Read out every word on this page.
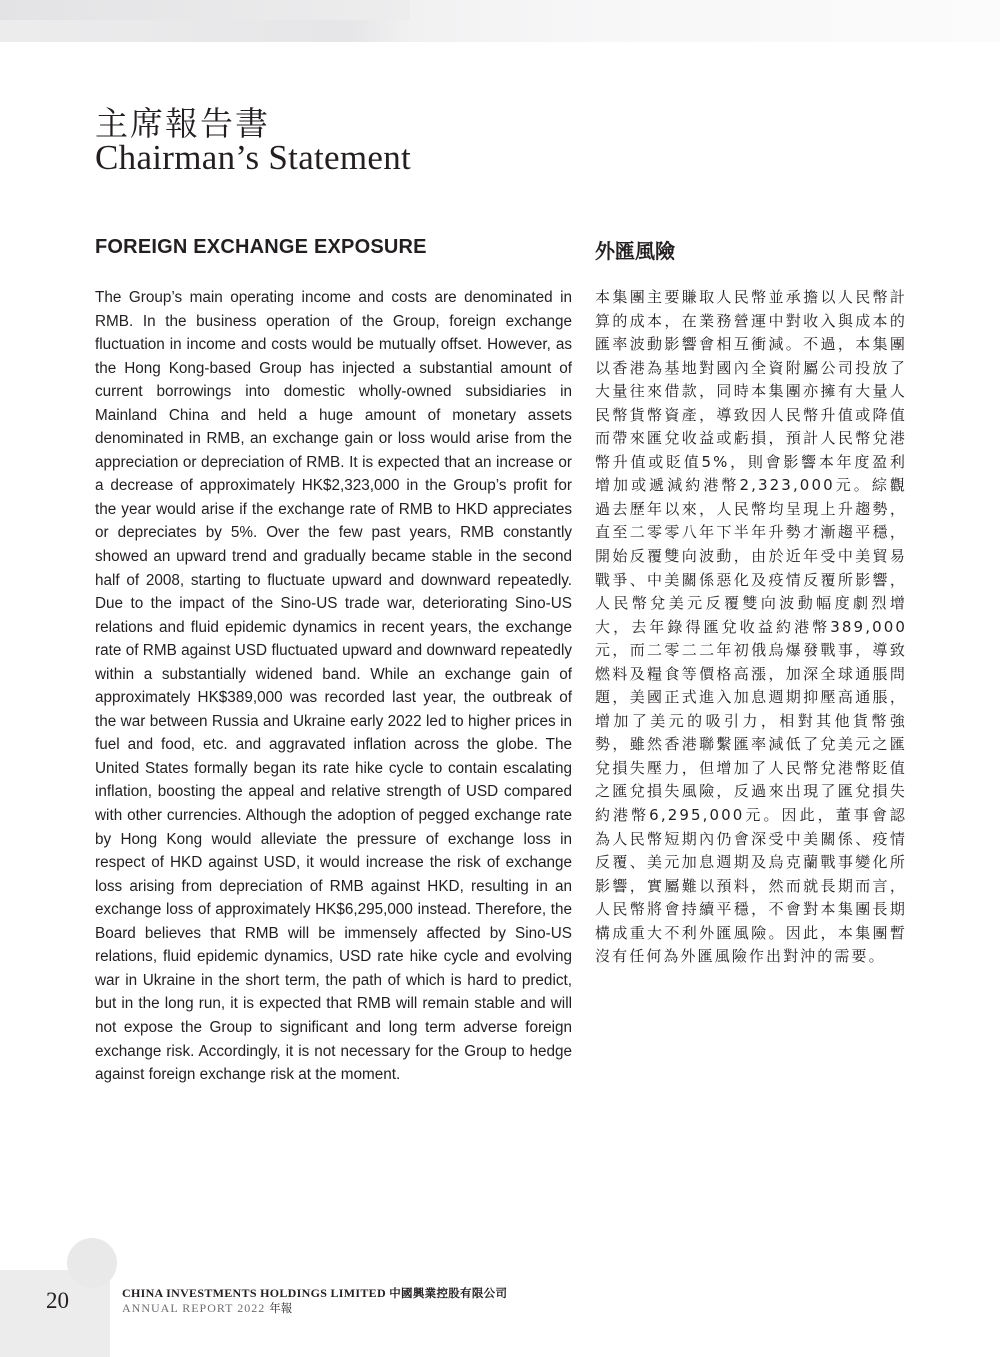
主席報告書
Chairman’s Statement
FOREIGN EXCHANGE EXPOSURE	外匯風險

The Group’s main operating income and costs are denominated in RMB. In the business operation of the Group, foreign exchange fluctuation in income and costs would be mutually offset. However, as the Hong Kong-based Group has injected a substantial amount of current borrowings into domestic wholly-owned subsidiaries in Mainland China and held a huge amount of monetary assets denominated in RMB, an exchange gain or loss would arise from the appreciation or depreciation of RMB. It is expected that an increase or a decrease of approximately HK$2,323,000 in the Group’s profit for the year would arise if the exchange rate of RMB to HKD appreciates or depreciates by 5%. Over the few past years, RMB constantly showed an upward trend and gradually became stable in the second half of 2008, starting to fluctuate upward and downward repeatedly. Due to the impact of the Sino-US trade war, deteriorating Sino-US relations and fluid epidemic dynamics in recent years, the exchange rate of RMB against USD fluctuated upward and downward repeatedly within a substantially widened band. While an exchange gain of approximately HK$389,000 was recorded last year, the outbreak of the war between Russia and Ukraine early 2022 led to higher prices in fuel and food, etc. and aggravated inflation across the globe. The United States formally began its rate hike cycle to contain escalating inflation, boosting the appeal and relative strength of USD compared with other currencies. Although the adoption of pegged exchange rate by Hong Kong would alleviate the pressure of exchange loss in respect of HKD against USD, it would increase the risk of exchange loss arising from depreciation of RMB against HKD, resulting in an exchange loss of approximately HK$6,295,000 instead. Therefore, the Board believes that RMB will be immensely affected by Sino-US relations, fluid epidemic dynamics, USD rate hike cycle and evolving war in Ukraine in the short term, the path of which is hard to predict, but in the long run, it is expected that RMB will remain stable and will not expose the Group to significant and long term adverse foreign exchange risk. Accordingly, it is not necessary for the Group to hedge against foreign exchange risk at the moment.

本集團主要賺取人民幣並承擔以人民幣計算的成本，在業務營運中對收入與成本的匯率波動影響會相互衝減。不過，本集團以香港為基地對國內全資附屬公司投放了大量往來借款，同時本集團亦擁有大量人民幣貨幣資產，導致因人民幣升值或降值而帶來匯兌收益或虧損，預計人民幣兌港幣升值或貶值5%，則會影響本年度盈利增加或遞減約港幣2,323,000元。綜觀過去歷年以來，人民幣均呈現上升趨勢，直至二零零八年下半年升勢才漸趨平穩，開始反覆雙向波動，由於近年受中美貿易戰爭、中美關係惡化及疫情反覆所影響，人民幣兌美元反覆雙向波動幅度劇烈增大，去年錄得匯兌收益約港幣389,000元，而二零二二年初俄烏爆發戰事，導致燃料及糧食等價格高漲，加深全球通脹問題，美國正式進入加息週期抑壓高通脹，增加了美元的吸引力，相對其他貨幣強勢，雖然香港聯繫匯率減低了兌美元之匯兌損失壓力，但增加了人民幣兌港幣貶值之匯兌損失風險，反過來出現了匯兌損失約港幣6,295,000元。因此，董事會認為人民幣短期內仍會深受中美關係、疫情反覆、美元加息週期及烏克蘭戰事變化所影響，實屬難以預料，然而就長期而言，人民幣將會持續平穩，不會對本集團長期構成重大不利外匯風險。因此，本集團暫沒有任何為外匯風險作出對沖的需要。

20	CHINA INVESTMENTS HOLDINGS LIMITED 中國興業控股有限公司
ANNUAL REPORT 2022 年報
